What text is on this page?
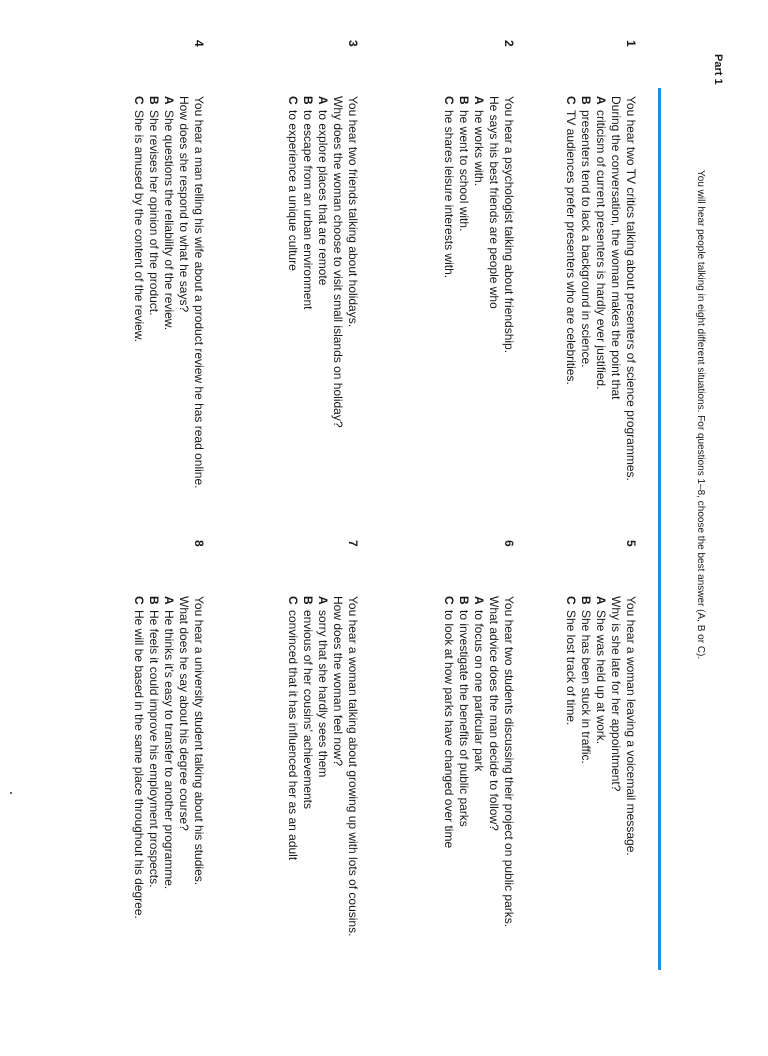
Part 1
You will hear people talking in eight different situations. For questions 1–8, choose the best answer (A, B or C).
1
You hear two TV critics talking about presenters of science programmes.
During the conversation, the woman makes the point that
A
criticism of current presenters is hardly ever justified.
B
presenters tend to lack a background in science.
C
TV audiences prefer presenters who are celebrities.
2
You hear a psychologist talking about friendship.
He says his best friends are people who
A
he works with.
B
he went to school with.
C
he shares leisure interests with.
3
You hear two friends talking about holidays.
Why does the woman choose to visit small islands on holiday?
A
to explore places that are remote
B
to escape from an urban environment
C
to experience a unique culture
4
You hear a man telling his wife about a product review he has read online.
How does she respond to what he says?
A
She questions the reliability of the review.
B
She revises her opinion of the product.
C
She is amused by the content of the review.
5
You hear a woman leaving a voicemail message.
Why is she late for her appointment?
A
She was held up at work.
B
She has been stuck in traffic.
C
She lost track of time.
6
You hear two students discussing their project on public parks.
What advice does the man decide to follow?
A
to focus on one particular park
B
to investigate the benefits of public parks
C
to look at how parks have changed over time
7
You hear a woman talking about growing up with lots of cousins.
How does the woman feel now?
A
sorry that she hardly sees them
B
envious of her cousins’ achievements
C
convinced that it has influenced her as an adult
8
You hear a university student talking about his studies.
What does he say about his degree course?
A
He thinks it’s easy to transfer to another programme.
B
He feels it could improve his employment prospects.
C
He will be based in the same place throughout his degree.
